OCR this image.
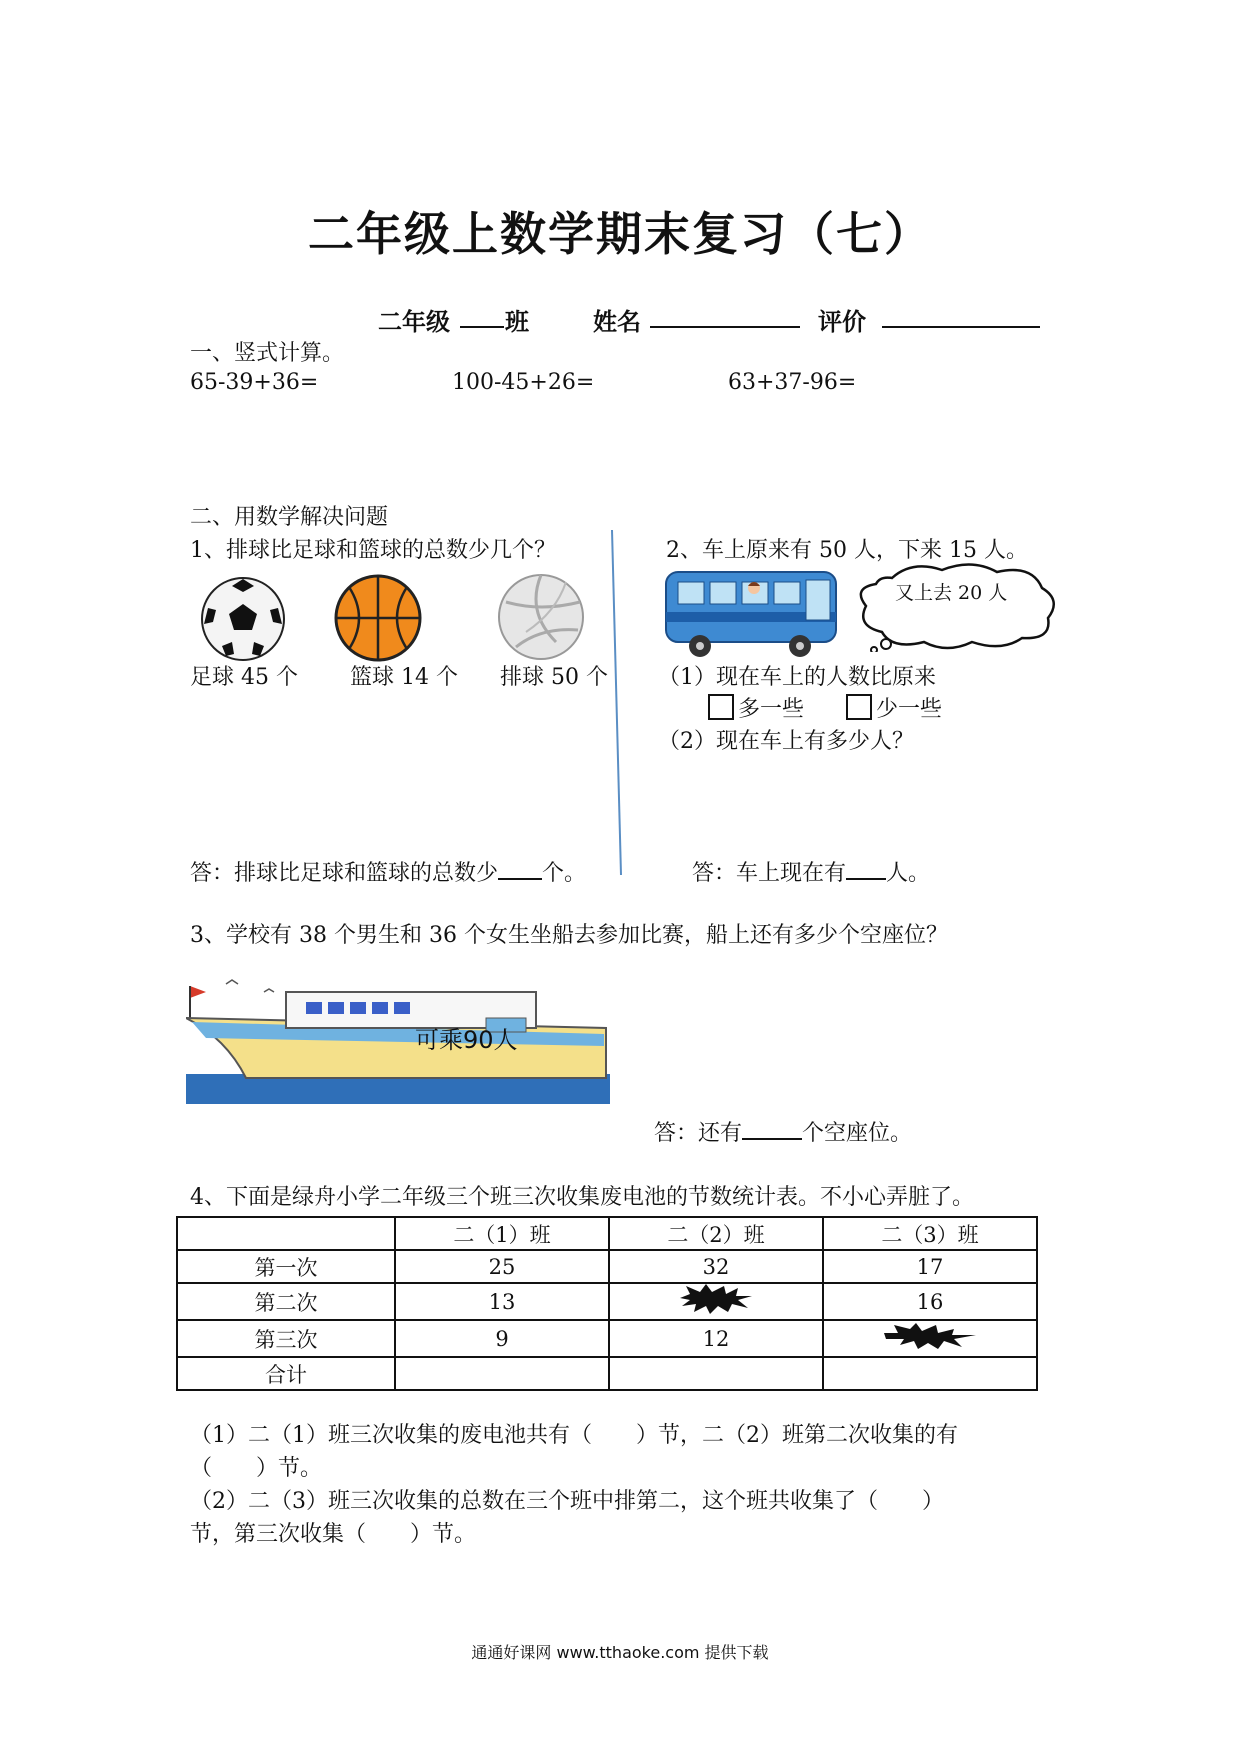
二年级上数学期末复习（七）
二年级 班	姓名	评价
一、竖式计算。
65-39+36=	100-45+26=	63+37-96=
二、用数学解决问题
1、排球比足球和篮球的总数少几个？
足球 45 个 篮球 14 个 排球 50 个
答：排球比足球和篮球的总数少 个。
2、车上原来有 50 人，下来 15 人。
又上去 20 人
（1）现在车上的人数比原来
多一些	少一些
（2）现在车上有多少人？
答：车上现在有 人。
3、学校有 38 个男生和 36 个女生坐船去参加比赛，船上还有多少个空座位？
可乘90人
答：还有	个空座位。
4、下面是绿舟小学二年级三个班三次收集废电池的节数统计表。不小心弄脏了。
	二（1）班	二（2）班	二（3）班
第一次	25	32	17
第二次	13		16
第三次	9	12	
合计			
（1）二（1）班三次收集的废电池共有（　　）节，二（2）班第二次收集的有
（　　）节。
（2）二（3）班三次收集的总数在三个班中排第二，这个班共收集了（　　）
节，第三次收集（　　）节。
通通好课网 www.tthaoke.com 提供下载
